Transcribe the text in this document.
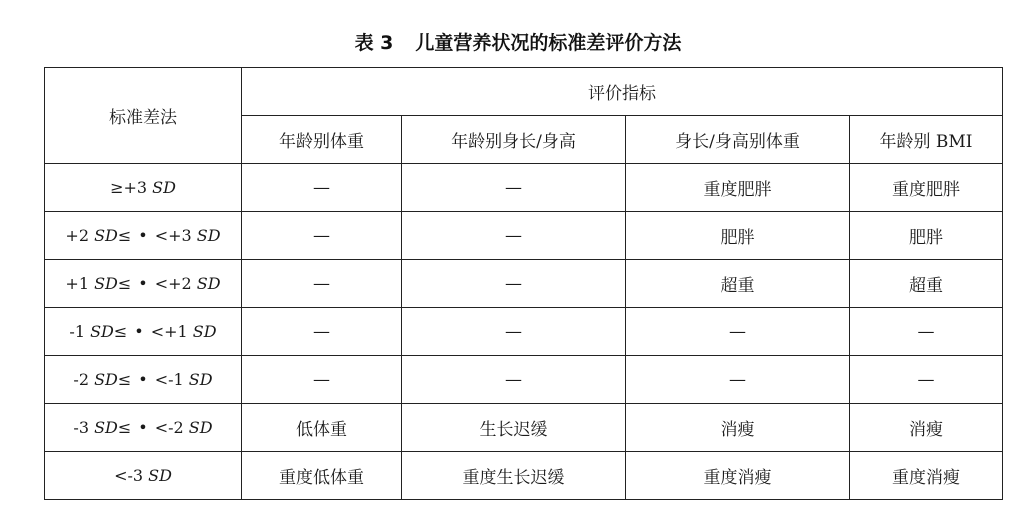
表 3 儿童营养状况的标准差评价方法
标准差法	评价指标			
	年龄别体重	年龄别身长/身高	身长/身高别体重	年龄别 BMI
≥+3 SD	—	—	重度肥胖	重度肥胖
+2 SD≤ • <+3 SD	—	—	肥胖	肥胖
+1 SD≤ • <+2 SD	—	—	超重	超重
-1 SD≤ • <+1 SD	—	—	—	—
-2 SD≤ • <-1 SD	—	—	—	—
-3 SD≤ • <-2 SD	低体重	生长迟缓	消瘦	消瘦
<-3 SD	重度低体重	重度生长迟缓	重度消瘦	重度消瘦
